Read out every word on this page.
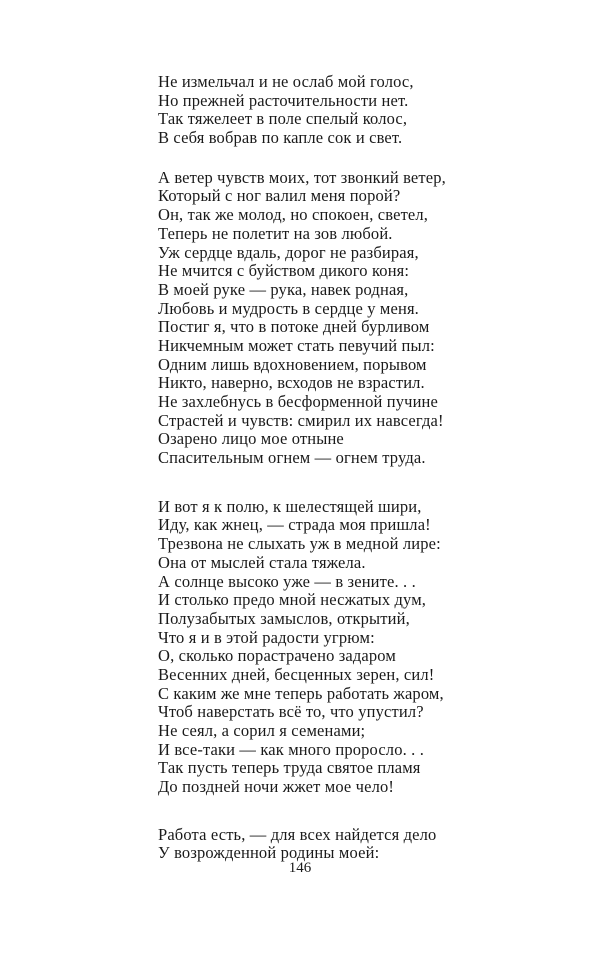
Не измельчал и не ослаб мой голос,
Но прежней расточительности нет.
Так тяжелеет в поле спелый колос,
В себя вобрав по капле сок и свет.
А ветер чувств моих, тот звонкий ветер,
Который с ног валил меня порой?
Он, так же молод, но спокоен, светел,
Теперь не полетит на зов любой.
Уж сердце вдаль, дорог не разбирая,
Не мчится с буйством дикого коня:
В моей руке — рука, навек родная,
Любовь и мудрость в сердце у меня.
Постиг я, что в потоке дней бурливом
Никчемным может стать певучий пыл:
Одним лишь вдохновением, порывом
Никто, наверно, всходов не взрастил.
Не захлебнусь в бесформенной пучине
Страстей и чувств: смирил их навсегда!
Озарено лицо мое отныне
Спасительным огнем — огнем труда.
И вот я к полю, к шелестящей шири,
Иду, как жнец, — страда моя пришла!
Трезвона не слыхать уж в медной лире:
Она от мыслей стала тяжела.
А солнце высоко уже — в зените. . .
И столько предо мной несжатых дум,
Полузабытых замыслов, открытий,
Что я и в этой радости угрюм:
О, сколько порастрачено задаром
Весенних дней, бесценных зерен, сил!
С каким же мне теперь работать жаром,
Чтоб наверстать всё то, что упустил?
Не сеял, а сорил я семенами;
И все-таки — как много проросло. . .
Так пусть теперь труда святое пламя
До поздней ночи жжет мое чело!
Работа есть, — для всех найдется дело
У возрожденной родины моей:
146
